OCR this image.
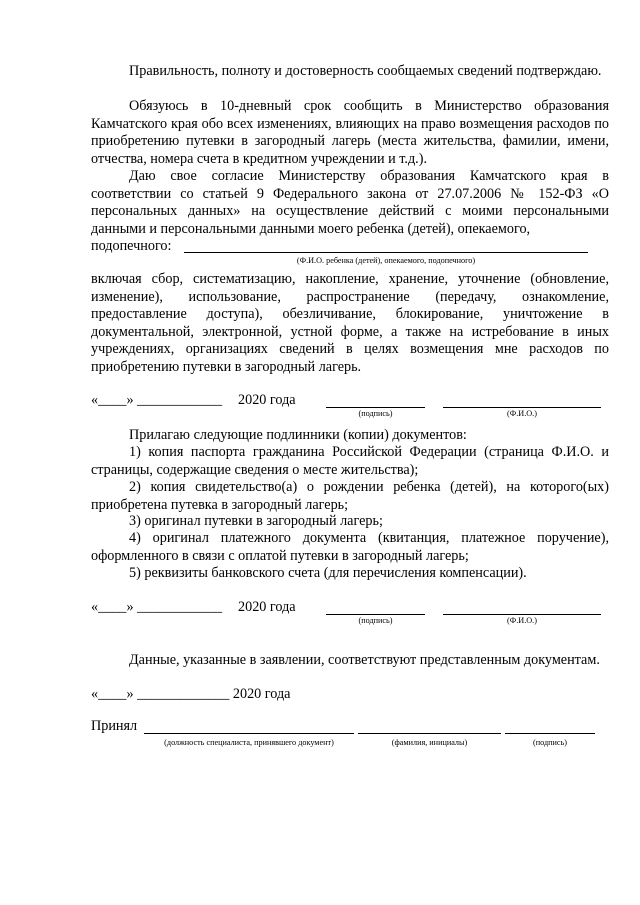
Правильность, полноту и достоверность сообщаемых сведений подтверждаю.

Обязуюсь в 10-дневный срок сообщить в Министерство образования Камчатского края обо всех изменениях, влияющих на право возмещения расходов по приобретению путевки в загородный лагерь (места жительства, фамилии, имени, отчества, номера счета в кредитном учреждении и т.д.).

Даю свое согласие Министерству образования Камчатского края в соответствии со статьей 9 Федерального закона от 27.07.2006 № 152-ФЗ «О персональных данных» на осуществление действий с моими персональными данными и персональными данными моего ребенка (детей), опекаемого,

подопечного:
(Ф.И.О. ребенка (детей), опекаемого, подопечного)

включая сбор, систематизацию, накопление, хранение, уточнение (обновление, изменение), использование, распространение (передачу, ознакомление, предоставление доступа), обезличивание, блокирование, уничтожение в документальной, электронной, устной форме, а также на истребование в иных учреждениях, организациях сведений в целях возмещения мне расходов по приобретению путевки в загородный лагерь.

«____» ____________ 2020 года
(подпись)	(Ф.И.О.)

Прилагаю следующие подлинники (копии) документов:

1) копия паспорта гражданина Российской Федерации (страница Ф.И.О. и страницы, содержащие сведения о месте жительства);

2) копия свидетельство(а) о рождении ребенка (детей), на которого(ых) приобретена путевка в загородный лагерь;

3) оригинал путевки в загородный лагерь;

4) оригинал платежного документа (квитанция, платежное поручение), оформленного в связи с оплатой путевки в загородный лагерь;

5) реквизиты банковского счета (для перечисления компенсации).

«____» ____________ 2020 года
(подпись)	(Ф.И.О.)

Данные, указанные в заявлении, соответствуют представленным документам.

«____» _____________ 2020 года
Принял
(должность специалиста, принявшего документ)	(фамилия, инициалы)	(подпись)
